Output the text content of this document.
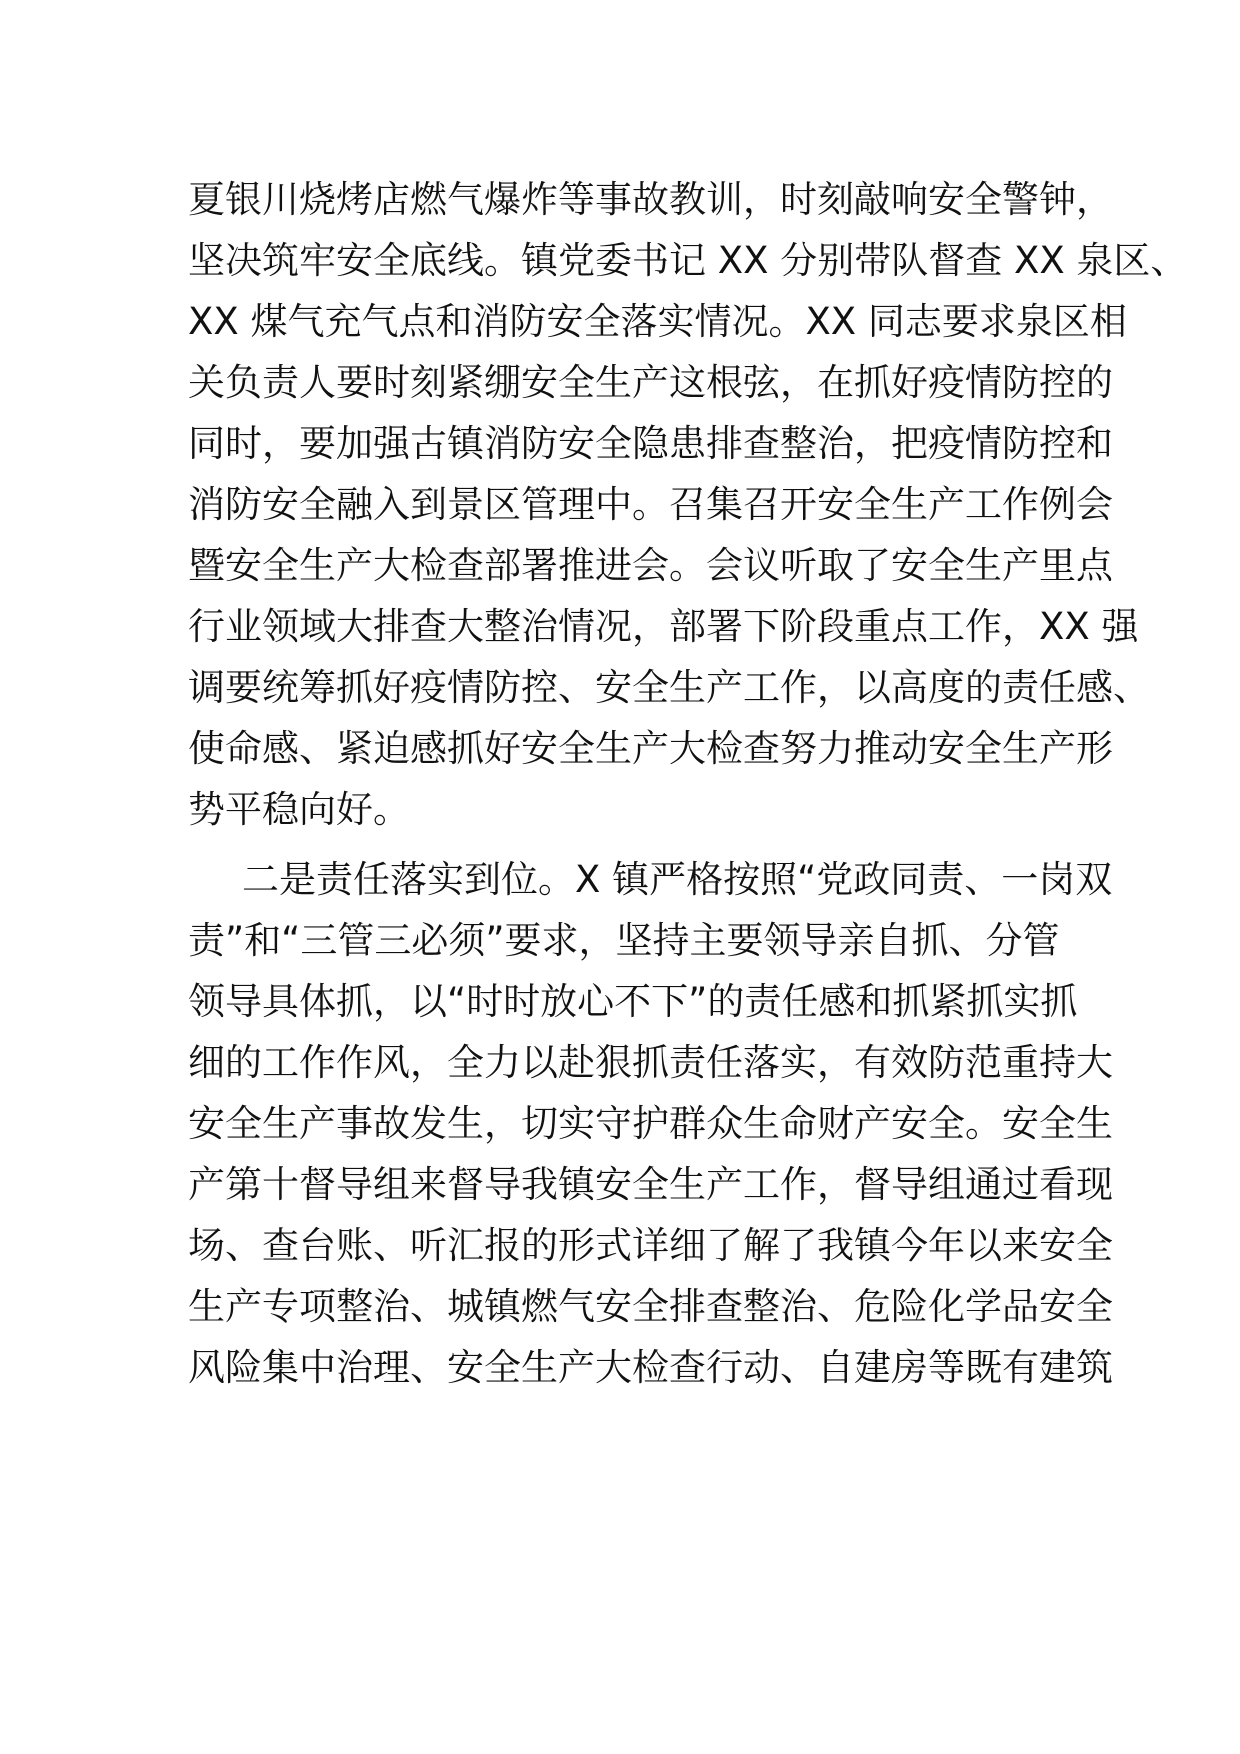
夏银川烧烤店燃气爆炸等事故教训，时刻敲响安全警钟，
坚决筑牢安全底线。镇党委书记 XX 分别带队督查 XX 泉区、
XX 煤气充气点和消防安全落实情况。XX 同志要求泉区相
关负责人要时刻紧绷安全生产这根弦，在抓好疫情防控的
同时，要加强古镇消防安全隐患排查整治，把疫情防控和
消防安全融入到景区管理中。召集召开安全生产工作例会
暨安全生产大检查部署推进会。会议听取了安全生产里点
行业领域大排查大整治情况，部署下阶段重点工作，XX 强
调要统筹抓好疫情防控、安全生产工作，以高度的责任感、
使命感、紧迫感抓好安全生产大检查努力推动安全生产形
势平稳向好。
二是责任落实到位。X 镇严格按照“党政同责、一岗双
责”和“三管三必须”要求，坚持主要领导亲自抓、分管
领导具体抓，以“时时放心不下”的责任感和抓紧抓实抓
细的工作作风，全力以赴狠抓责任落实，有效防范重持大
安全生产事故发生，切实守护群众生命财产安全。安全生
产第十督导组来督导我镇安全生产工作，督导组通过看现
场、查台账、听汇报的形式详细了解了我镇今年以来安全
生产专项整治、城镇燃气安全排查整治、危险化学品安全
风险集中治理、安全生产大检查行动、自建房等既有建筑
